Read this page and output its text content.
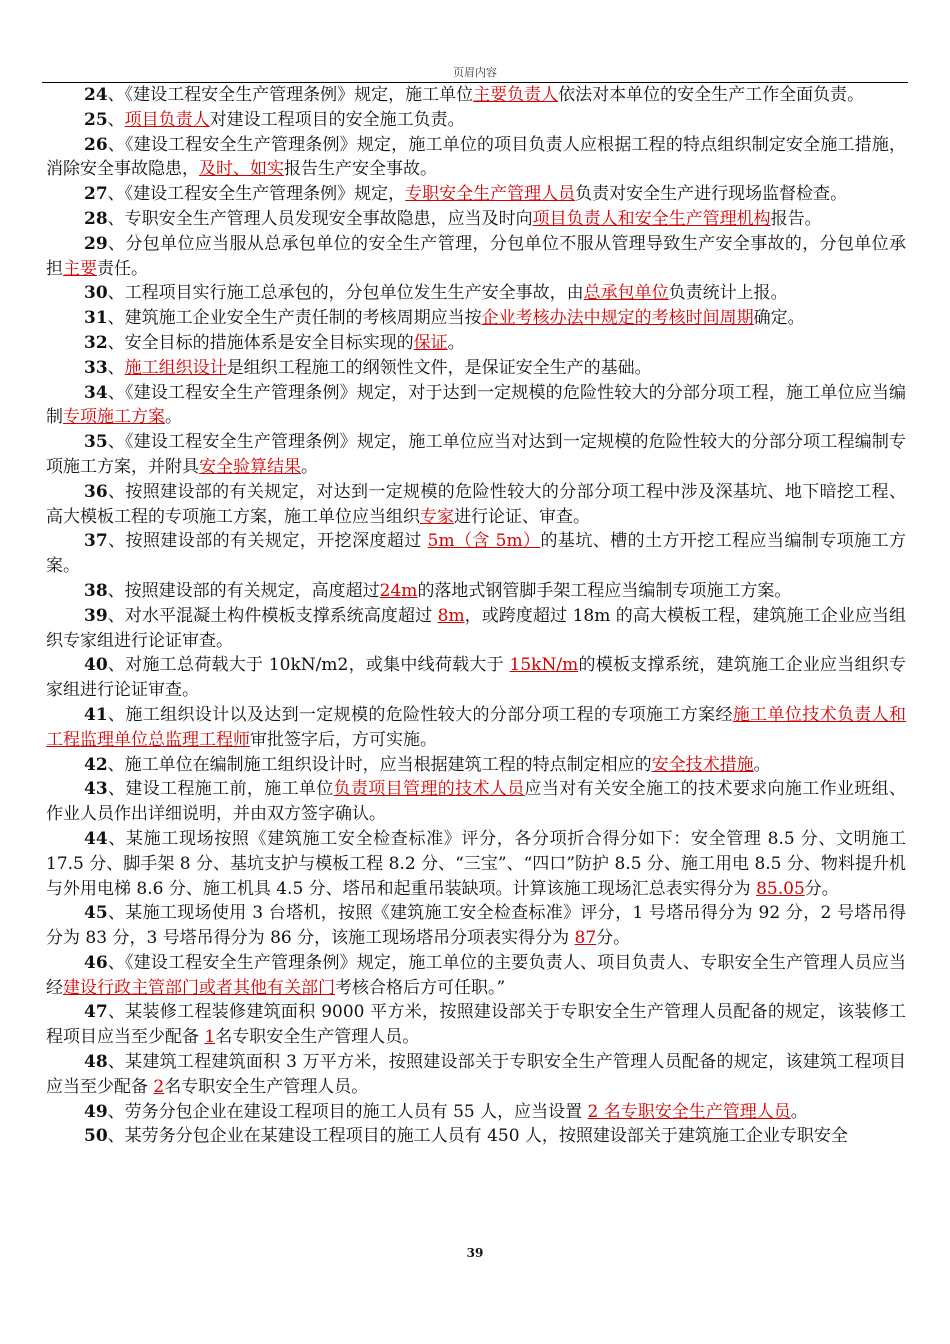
页眉内容

24、《建设工程安全生产管理条例》规定，施工单位主要负责人依法对本单位的安全生产工作全面负责。

25、项目负责人对建设工程项目的安全施工负责。

26、《建设工程安全生产管理条例》规定，施工单位的项目负责人应根据工程的特点组织制定安全施工措施，消除安全事故隐患，及时、如实报告生产安全事故。

27、《建设工程安全生产管理条例》规定，专职安全生产管理人员负责对安全生产进行现场监督检查。

28、专职安全生产管理人员发现安全事故隐患，应当及时向项目负责人和安全生产管理机构报告。

29、分包单位应当服从总承包单位的安全生产管理，分包单位不服从管理导致生产安全事故的，分包单位承担主要责任。

30、工程项目实行施工总承包的，分包单位发生生产安全事故，由总承包单位负责统计上报。

31、建筑施工企业安全生产责任制的考核周期应当按企业考核办法中规定的考核时间周期确定。

32、安全目标的措施体系是安全目标实现的保证。

33、施工组织设计是组织工程施工的纲领性文件，是保证安全生产的基础。

34、《建设工程安全生产管理条例》规定，对于达到一定规模的危险性较大的分部分项工程，施工单位应当编制专项施工方案。

35、《建设工程安全生产管理条例》规定，施工单位应当对达到一定规模的危险性较大的分部分项工程编制专项施工方案，并附具安全验算结果。

36、按照建设部的有关规定，对达到一定规模的危险性较大的分部分项工程中涉及深基坑、地下暗挖工程、高大模板工程的专项施工方案，施工单位应当组织专家进行论证、审查。

37、按照建设部的有关规定，开挖深度超过 5m（含 5m）的基坑、槽的土方开挖工程应当编制专项施工方案。

38、按照建设部的有关规定，高度超过24m的落地式钢管脚手架工程应当编制专项施工方案。

39、对水平混凝土构件模板支撑系统高度超过 8m，或跨度超过 18m 的高大模板工程，建筑施工企业应当组织专家组进行论证审查。

40、对施工总荷载大于 10kN/m2，或集中线荷载大于 15kN/m的模板支撑系统，建筑施工企业应当组织专家组进行论证审查。

41、施工组织设计以及达到一定规模的危险性较大的分部分项工程的专项施工方案经施工单位技术负责人和工程监理单位总监理工程师审批签字后，方可实施。

42、施工单位在编制施工组织设计时，应当根据建筑工程的特点制定相应的安全技术措施。

43、建设工程施工前，施工单位负责项目管理的技术人员应当对有关安全施工的技术要求向施工作业班组、作业人员作出详细说明，并由双方签字确认。

44、某施工现场按照《建筑施工安全检查标准》评分，各分项折合得分如下：安全管理 8.5 分、文明施工 17.5 分、脚手架 8 分、基坑支护与模板工程 8.2 分、“三宝”、“四口”防护 8.5 分、施工用电 8.5 分、物料提升机与外用电梯 8.6 分、施工机具 4.5 分、塔吊和起重吊装缺项。计算该施工现场汇总表实得分为 85.05分。

45、某施工现场使用 3 台塔机，按照《建筑施工安全检查标准》评分，1 号塔吊得分为 92 分，2 号塔吊得分为 83 分，3 号塔吊得分为 86 分，该施工现场塔吊分项表实得分为 87分。

46、《建设工程安全生产管理条例》规定，施工单位的主要负责人、项目负责人、专职安全生产管理人员应当经建设行政主管部门或者其他有关部门考核合格后方可任职。”

47、某装修工程装修建筑面积 9000 平方米，按照建设部关于专职安全生产管理人员配备的规定，该装修工程项目应当至少配备 1名专职安全生产管理人员。

48、某建筑工程建筑面积 3 万平方米，按照建设部关于专职安全生产管理人员配备的规定，该建筑工程项目应当至少配备 2名专职安全生产管理人员。

49、劳务分包企业在建设工程项目的施工人员有 55 人，应当设置 2 名专职安全生产管理人员。

50、某劳务分包企业在某建设工程项目的施工人员有 450 人，按照建设部关于建筑施工企业专职安全

39
